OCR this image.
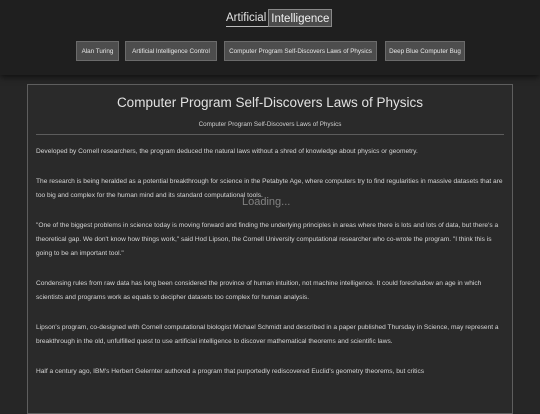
Artificial Intelligence
Alan Turing	Artificial Intelligence Control	Computer Program Self-Discovers Laws of Physics	Deep Blue Computer Bug
Computer Program Self-Discovers Laws of Physics
Computer Program Self-Discovers Laws of Physics

Developed by Cornell researchers, the program deduced the natural laws without a shred of knowledge about physics or geometry.

The research is being heralded as a potential breakthrough for science in the Petabyte Age, where computers try to find regularities in massive datasets that are too big and complex for the human mind and its standard computational tools.

"One of the biggest problems in science today is moving forward and finding the underlying principles in areas where there is lots and lots of data, but there's a theoretical gap. We don't know how things work," said Hod Lipson, the Cornell University computational researcher who co-wrote the program. "I think this is going to be an important tool."

Condensing rules from raw data has long been considered the province of human intuition, not machine intelligence. It could foreshadow an age in which scientists and programs work as equals to decipher datasets too complex for human analysis.

Lipson's program, co-designed with Cornell computational biologist Michael Schmidt and described in a paper published Thursday in Science, may represent a breakthrough in the old, unfulfilled quest to use artificial intelligence to discover mathematical theorems and scientific laws.

Half a century ago, IBM's Herbert Gelernter authored a program that purportedly rediscovered Euclid's geometry theorems, but critics

Loading...
